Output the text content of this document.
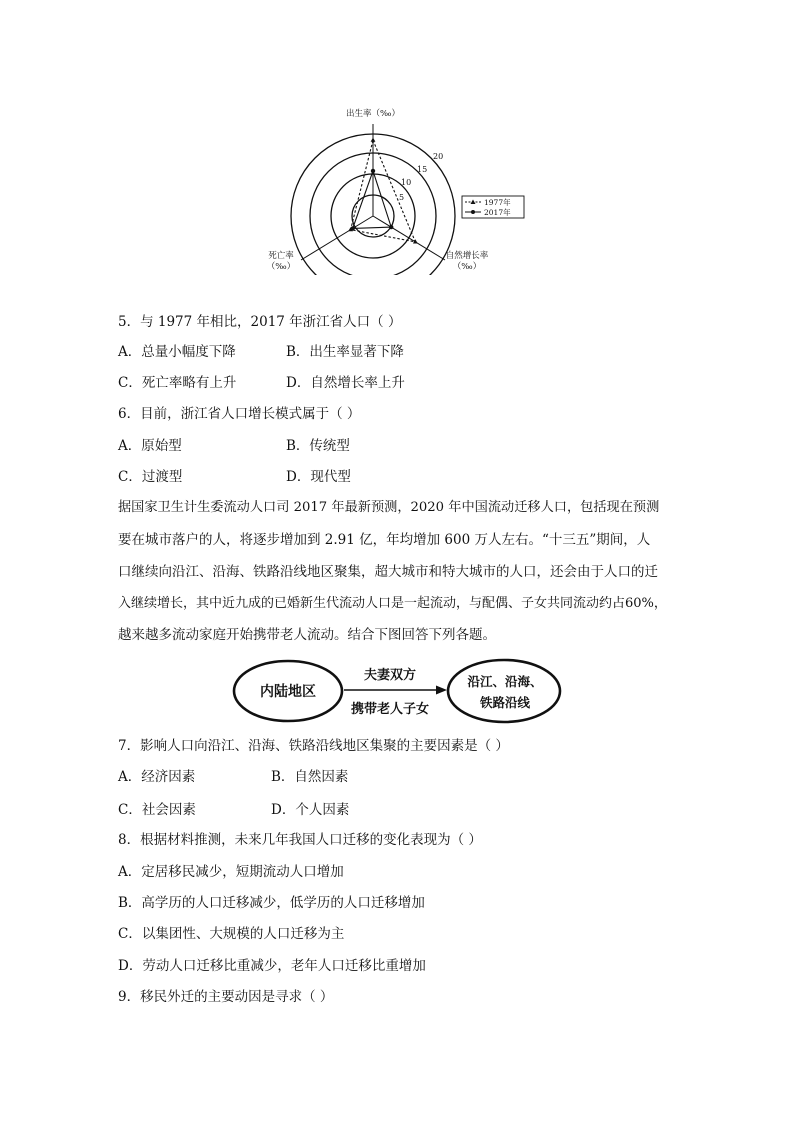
5
10
15
20
出生率（‰）
死亡率
（‰）
自然增长率
（‰）
1977年
2017年
5．与 1977 年相比，2017 年浙江省人口（ ）
A．总量小幅度下降	B．出生率显著下降
C．死亡率略有上升	D．自然增长率上升
6．目前，浙江省人口增长模式属于（ ）
A．原始型	B．传统型
C．过渡型	D．现代型
据国家卫生计生委流动人口司 2017 年最新预测，2020 年中国流动迁移人口，包括现在预测
要在城市落户的人，将逐步增加到 2.91 亿，年均增加 600 万人左右。“十三五”期间，人
口继续向沿江、沿海、铁路沿线地区聚集，超大城市和特大城市的人口，还会由于人口的迁
入继续增长，其中近九成的已婚新生代流动人口是一起流动，与配偶、子女共同流动约占60%，
越来越多流动家庭开始携带老人流动。结合下图回答下列各题。
内陆地区
夫妻双方
携带老人子女
沿江、沿海、
铁路沿线
7．影响人口向沿江、沿海、铁路沿线地区集聚的主要因素是（ ）
A．经济因素	B．自然因素
C．社会因素	D．个人因素
8．根据材料推测，未来几年我国人口迁移的变化表现为（ ）
A．定居移民减少，短期流动人口增加
B．高学历的人口迁移减少，低学历的人口迁移增加
C．以集团性、大规模的人口迁移为主
D．劳动人口迁移比重减少，老年人口迁移比重增加
9．移民外迁的主要动因是寻求（ ）
